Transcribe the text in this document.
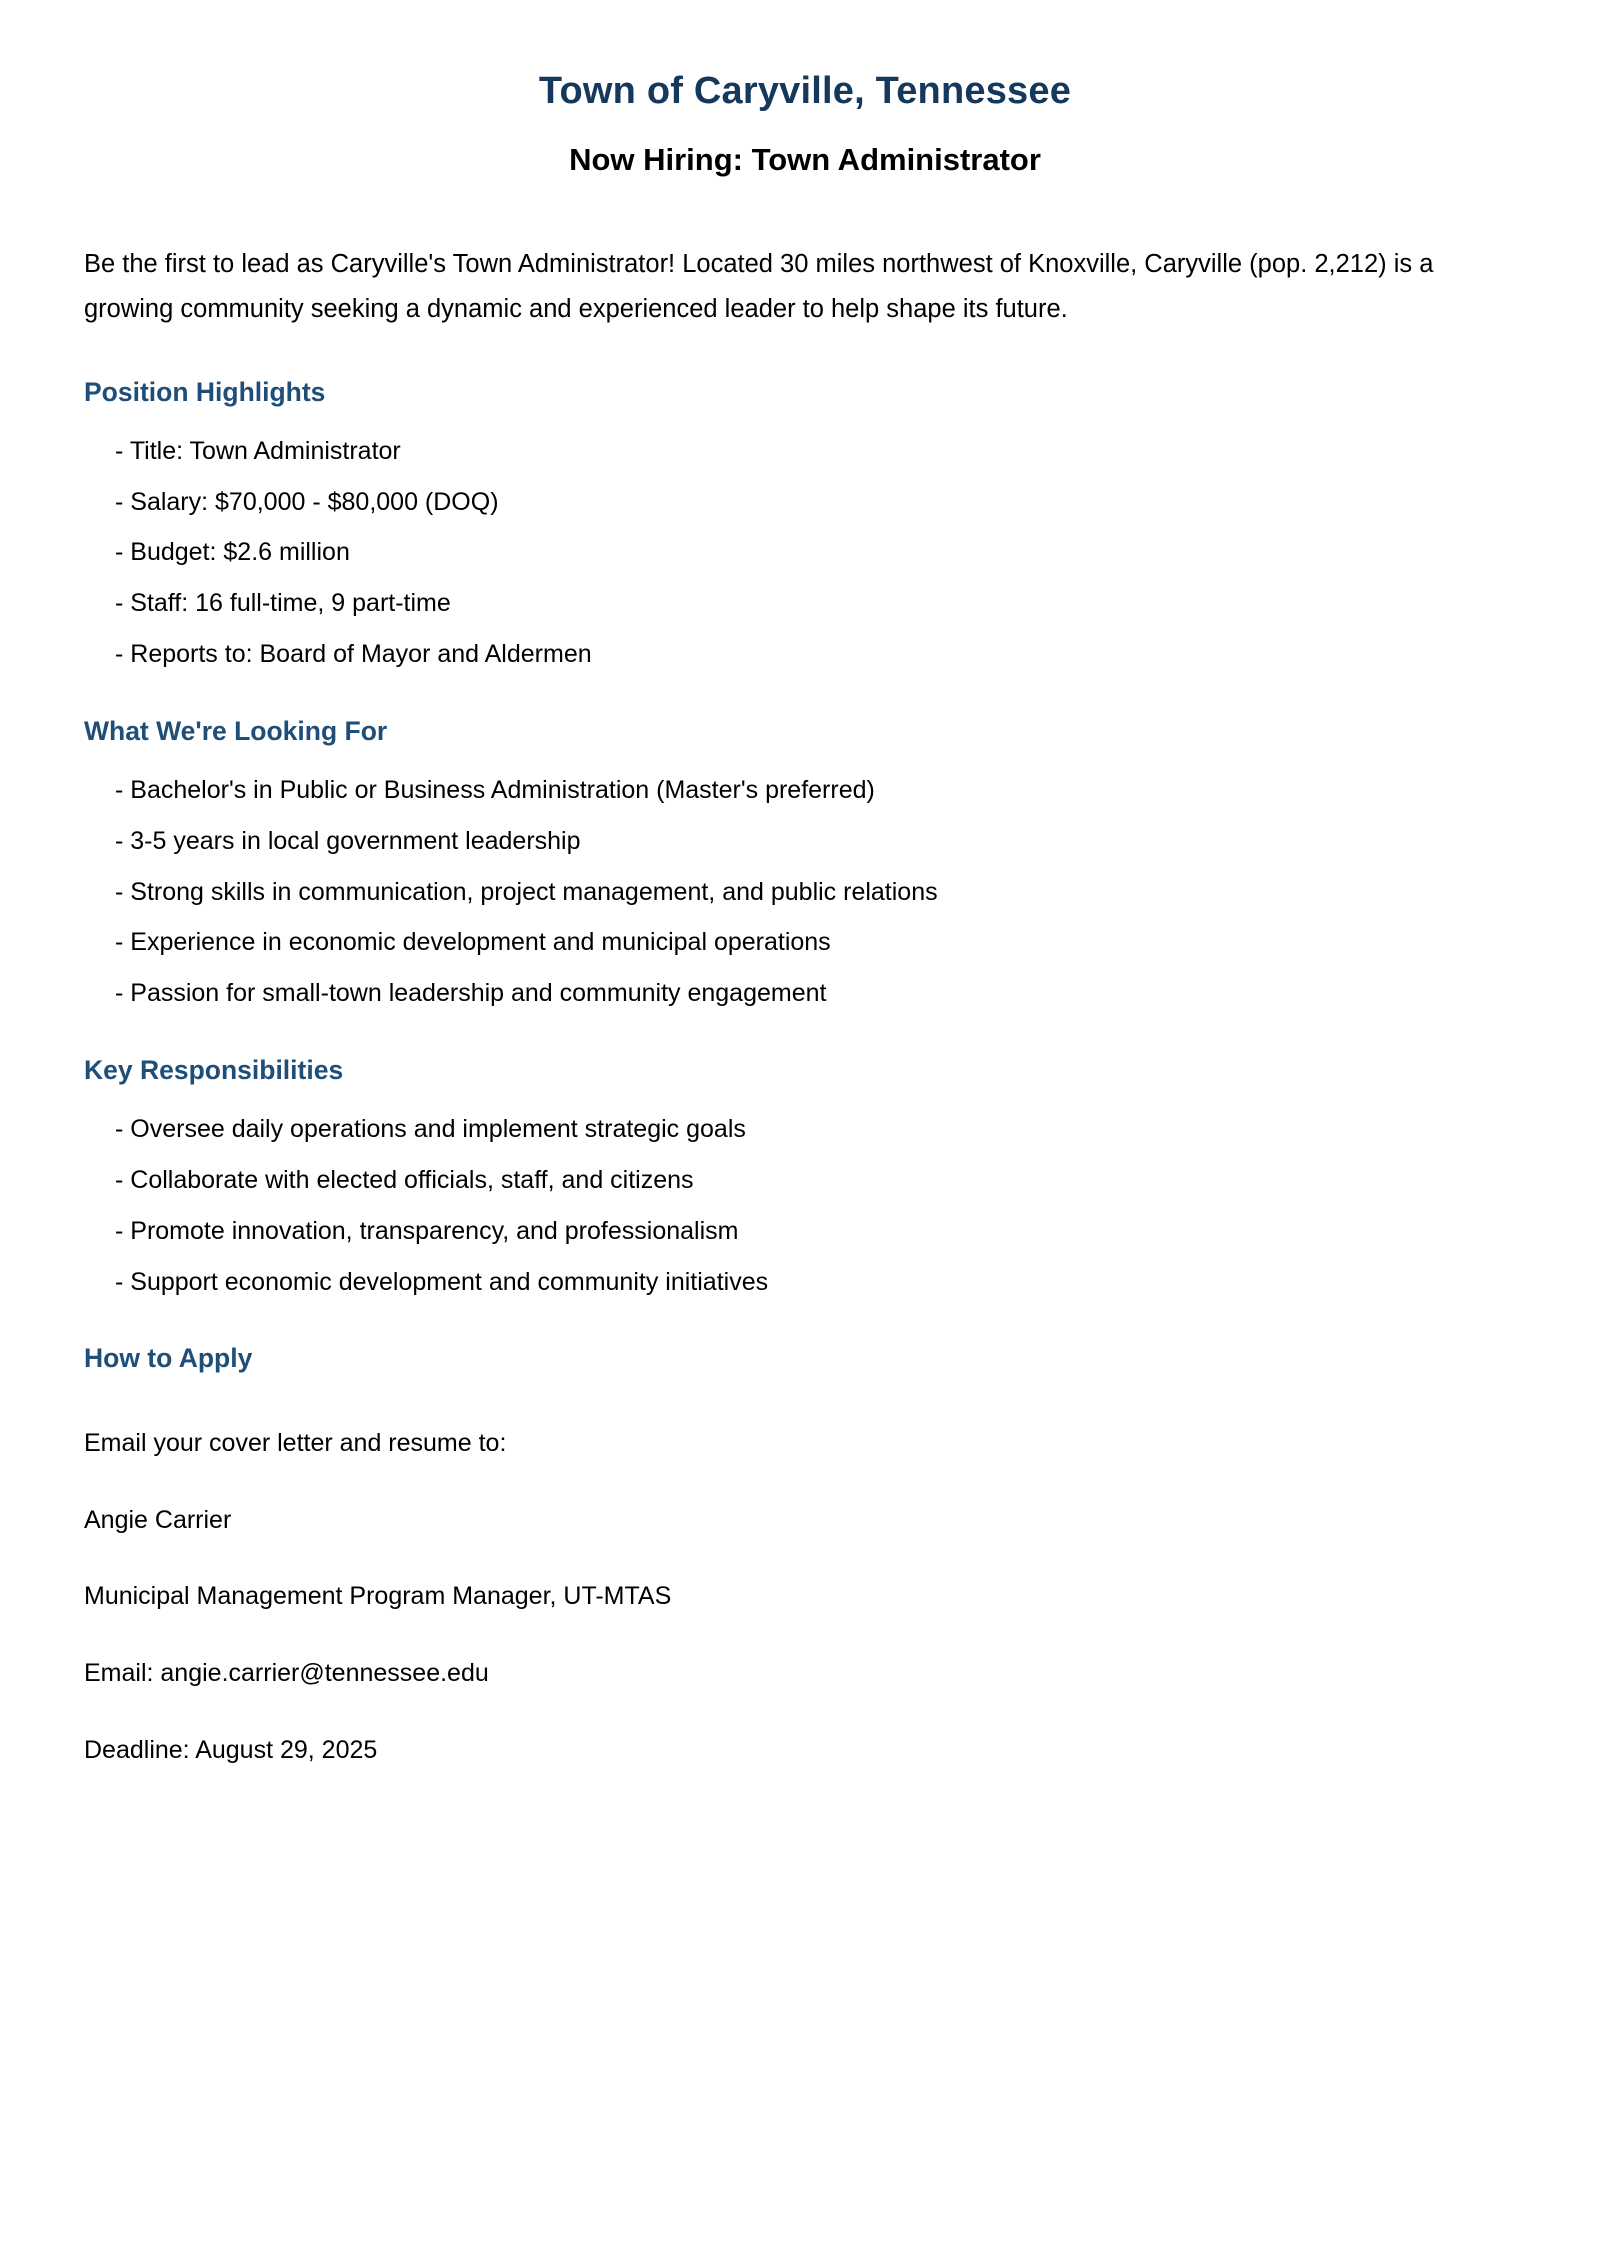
Town of Caryville, Tennessee
Now Hiring: Town Administrator

Be the first to lead as Caryville's Town Administrator! Located 30 miles northwest of Knoxville, Caryville (pop. 2,212) is a growing community seeking a dynamic and experienced leader to help shape its future.

Position Highlights
- Title: Town Administrator
- Salary: $70,000 - $80,000 (DOQ)
- Budget: $2.6 million
- Staff: 16 full-time, 9 part-time
- Reports to: Board of Mayor and Aldermen
What We're Looking For
- Bachelor's in Public or Business Administration (Master's preferred)
- 3-5 years in local government leadership
- Strong skills in communication, project management, and public relations
- Experience in economic development and municipal operations
- Passion for small-town leadership and community engagement
Key Responsibilities
- Oversee daily operations and implement strategic goals
- Collaborate with elected officials, staff, and citizens
- Promote innovation, transparency, and professionalism
- Support economic development and community initiatives
How to Apply

Email your cover letter and resume to:

Angie Carrier

Municipal Management Program Manager, UT-MTAS

Email: angie.carrier@tennessee.edu

Deadline: August 29, 2025
